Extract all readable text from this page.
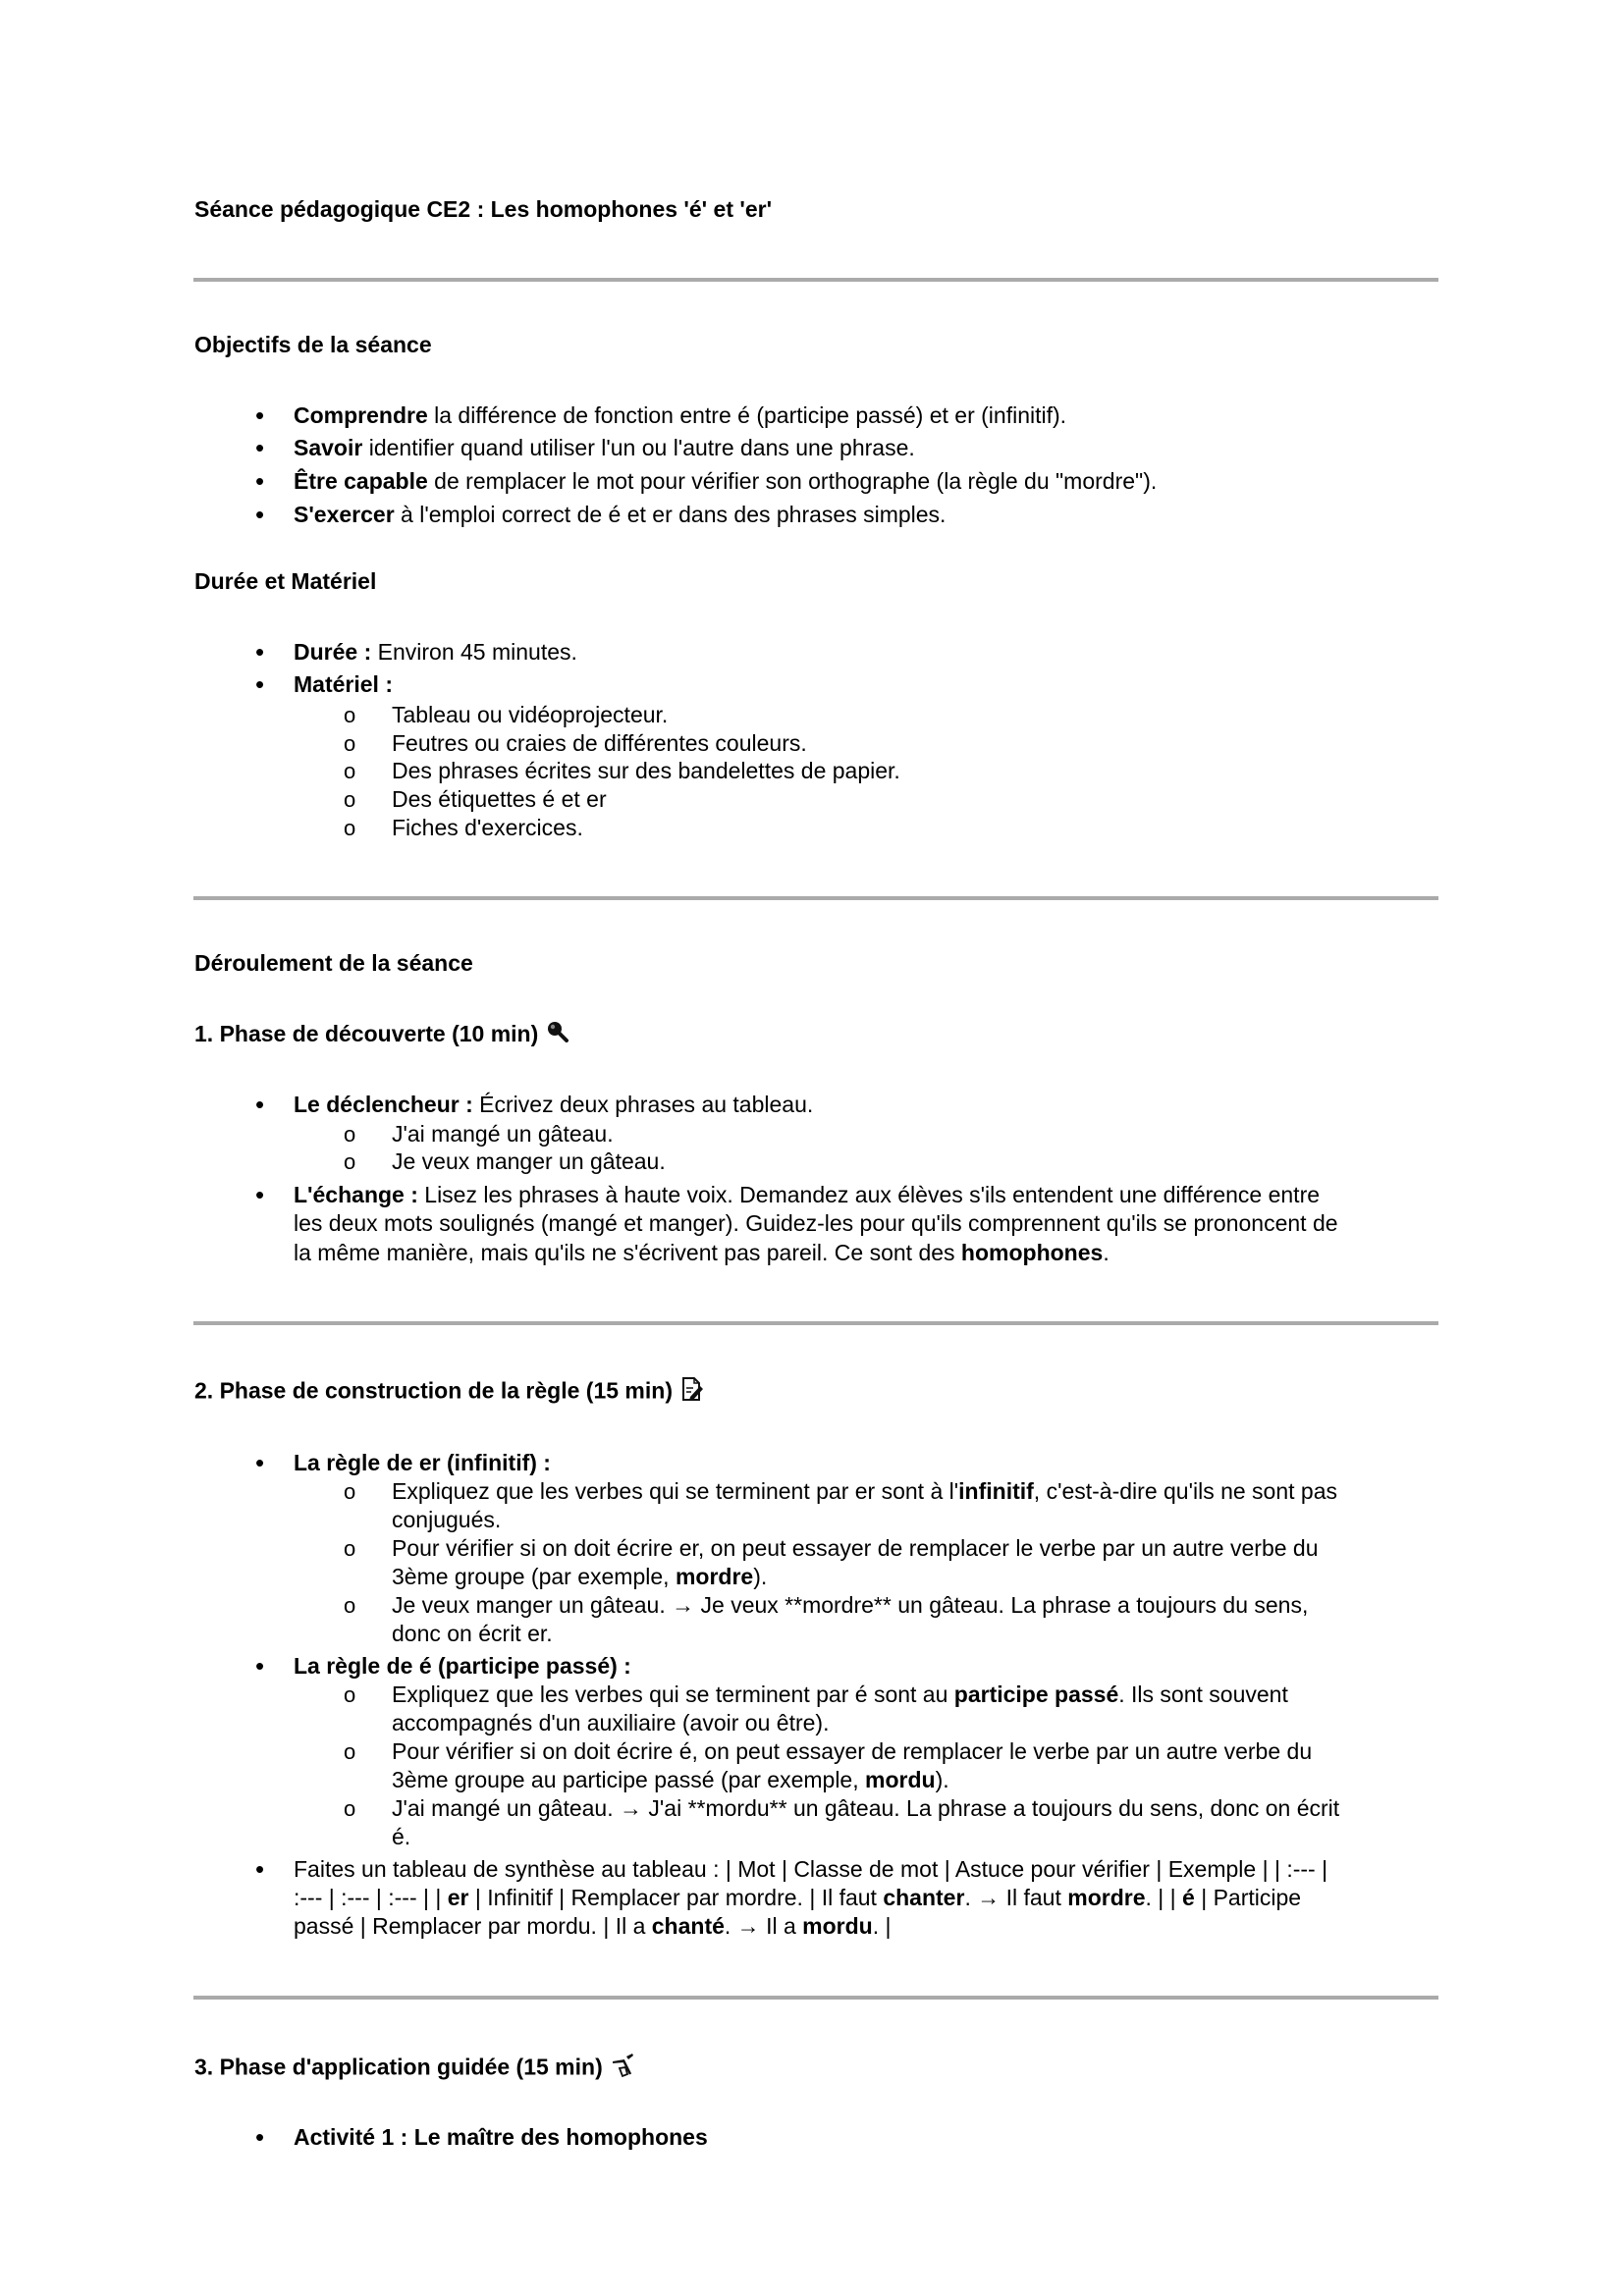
Séance pédagogique CE2 : Les homophones 'é' et 'er'
Objectifs de la séance
•
Comprendre la différence de fonction entre é (participe passé) et er (infinitif).
•
Savoir identifier quand utiliser l'un ou l'autre dans une phrase.
•
Être capable de remplacer le mot pour vérifier son orthographe (la règle du "mordre").
•
S'exercer à l'emploi correct de é et er dans des phrases simples.
Durée et Matériel
•
Durée : Environ 45 minutes.
•
Matériel :
o
Tableau ou vidéoprojecteur.
o
Feutres ou craies de différentes couleurs.
o
Des phrases écrites sur des bandelettes de papier.
o
Des étiquettes é et er
o
Fiches d'exercices.
Déroulement de la séance
1. Phase de découverte (10 min)
•
Le déclencheur : Écrivez deux phrases au tableau.
o
J'ai mangé un gâteau.
o
Je veux manger un gâteau.
•
L'échange : Lisez les phrases à haute voix. Demandez aux élèves s'ils entendent une différence entre
les deux mots soulignés (mangé et manger). Guidez-les pour qu'ils comprennent qu'ils se prononcent de
la même manière, mais qu'ils ne s'écrivent pas pareil. Ce sont des homophones.
2. Phase de construction de la règle (15 min)
•
La règle de er (infinitif) :
o
Expliquez que les verbes qui se terminent par er sont à l'infinitif, c'est-à-dire qu'ils ne sont pas
conjugués.
o
Pour vérifier si on doit écrire er, on peut essayer de remplacer le verbe par un autre verbe du
3ème groupe (par exemple, mordre).
o
Je veux manger un gâteau. → Je veux **mordre** un gâteau. La phrase a toujours du sens,
donc on écrit er.
•
La règle de é (participe passé) :
o
Expliquez que les verbes qui se terminent par é sont au participe passé. Ils sont souvent
accompagnés d'un auxiliaire (avoir ou être).
o
Pour vérifier si on doit écrire é, on peut essayer de remplacer le verbe par un autre verbe du
3ème groupe au participe passé (par exemple, mordu).
o
J'ai mangé un gâteau. → J'ai **mordu** un gâteau. La phrase a toujours du sens, donc on écrit
é.
•
Faites un tableau de synthèse au tableau : | Mot | Classe de mot | Astuce pour vérifier | Exemple | | :--- |
:--- | :--- | :--- | | er | Infinitif | Remplacer par mordre. | Il faut chanter. → Il faut mordre. | | é | Participe
passé | Remplacer par mordu. | Il a chanté. → Il a mordu. |
3. Phase d'application guidée (15 min)
•
Activité 1 : Le maître des homophones
